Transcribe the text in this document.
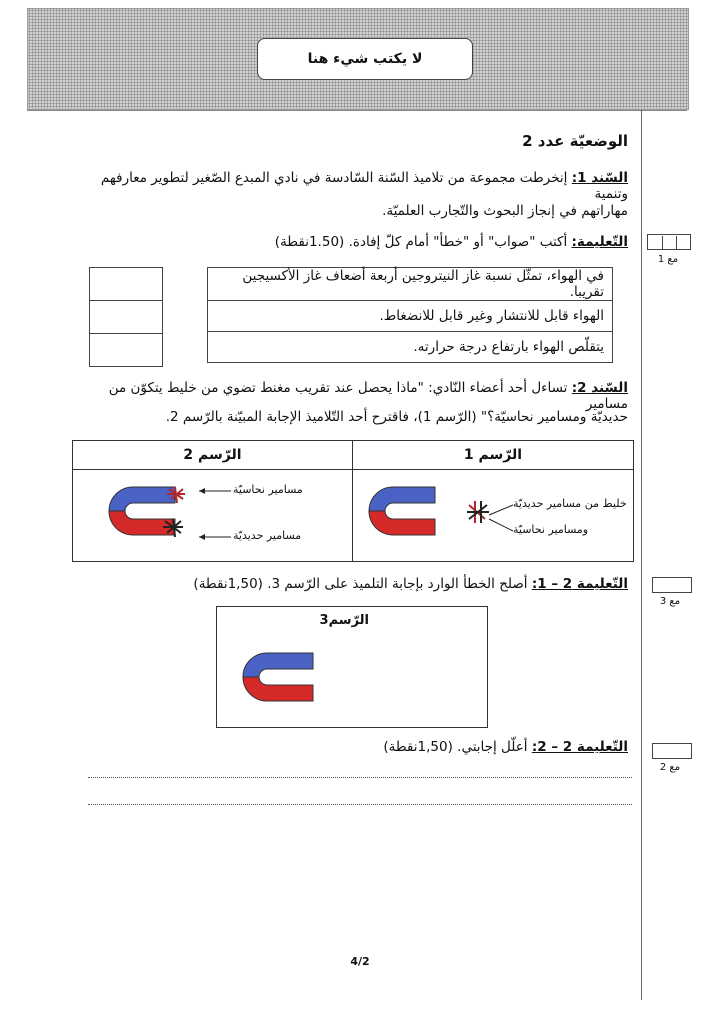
لا يكتب شيء هنا
الوضعيّة عدد 2
السّند 1: إنخرطت مجموعة من تلاميذ السّنة السّادسة في نادي المبدع الصّغير لتطوير معارفهم وتنمية
مهاراتهم في إنجاز البحوث والتّجارب العلميّة.
التّعليمة: أكتب "صواب" أو "خطأ" أمام كلّ إفادة. (1.50نقطة)
مع 1
في الهواء، تمثّل نسبة غاز النيتروجين أربعة أضعاف غاز الأكسيجين تقريبا.
الهواء قابل للانتشار وغير قابل للانضغاط.
يتقلّص الهواء بارتفاع درجة حرارته.
السّند 2: تساءل أحد أعضاء النّادي: "ماذا يحصل عند تقريب مغنط تضوي من خليط يتكوّن من مسامير
حديديّة ومسامير نحاسيّة؟" (الرّسم 1)، فاقترح أحد التّلاميذ الإجابة المبيّنة بالرّسم 2.
الرّسم 2	الرّسم 1
مسامير نحاسيّة
مسامير حديديّة
خليط من مسامير حديديّة
ومسامير نحاسيّة
التّعليمة 2 – 1: أصلح الخطأ الوارد بإجابة التلميذ على الرّسم 3. (1,50نقطة)
مع 3
الرّسم3
التّعليمة 2 – 2: أعلّل إجابتي. (1,50نقطة)
مع 2
4/2
